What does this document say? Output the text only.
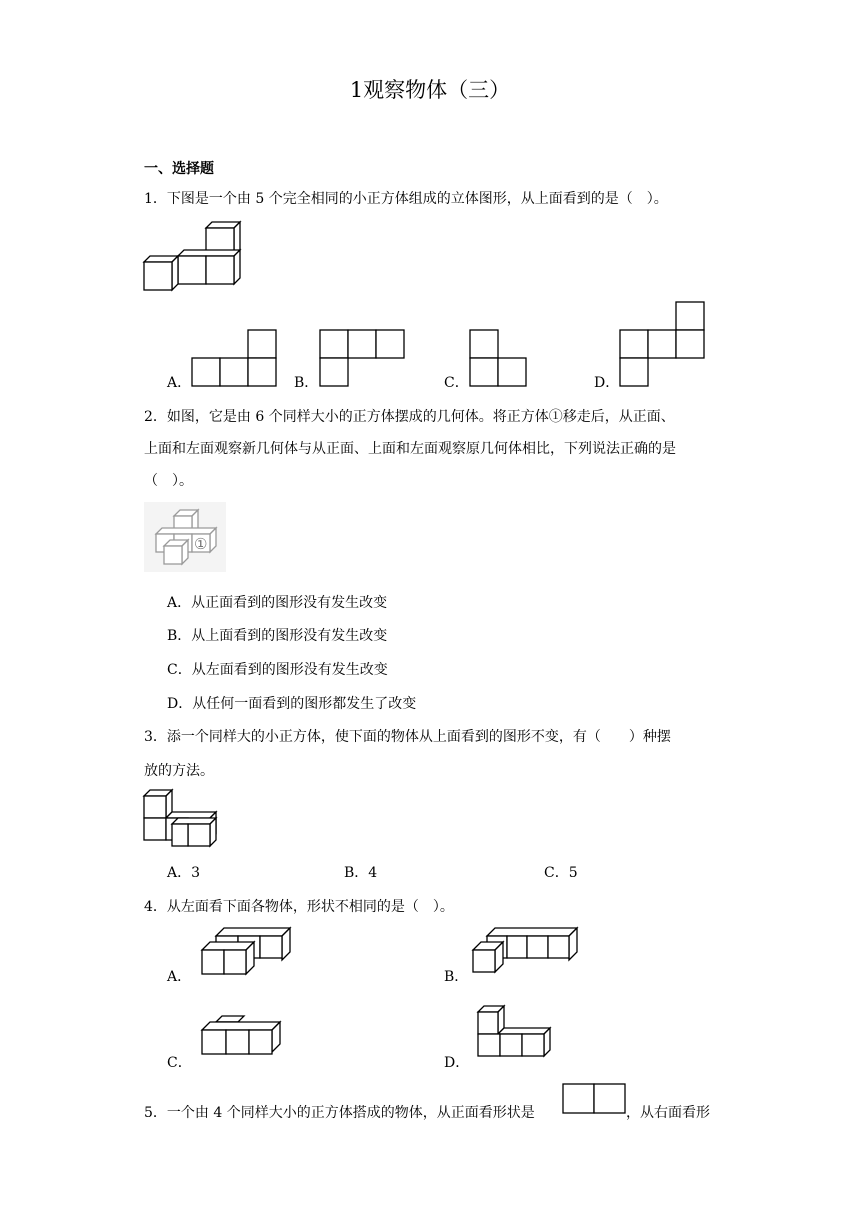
1观察物体（三）
一、选择题
1．下图是一个由 5 个完全相同的小正方体组成的立体图形，从上面看到的是（　）。
A．	B．	C．	D．
2．如图，它是由 6 个同样大小的正方体摆成的几何体。将正方体①移走后，从正面、
上面和左面观察新几何体与从正面、上面和左面观察原几何体相比，下列说法正确的是
（　）。
①
A．从正面看到的图形没有发生改变
B．从上面看到的图形没有发生改变
C．从左面看到的图形没有发生改变
D．从任何一面看到的图形都发生了改变
3．添一个同样大的小正方体，使下面的物体从上面看到的图形不变，有（　　）种摆
放的方法。
A．3	B．4	C．5
4．从左面看下面各物体，形状不相同的是（　）。
A．	B．
C．	D．
5．一个由 4 个同样大小的正方体搭成的物体，从正面看形状是	，从右面看形
